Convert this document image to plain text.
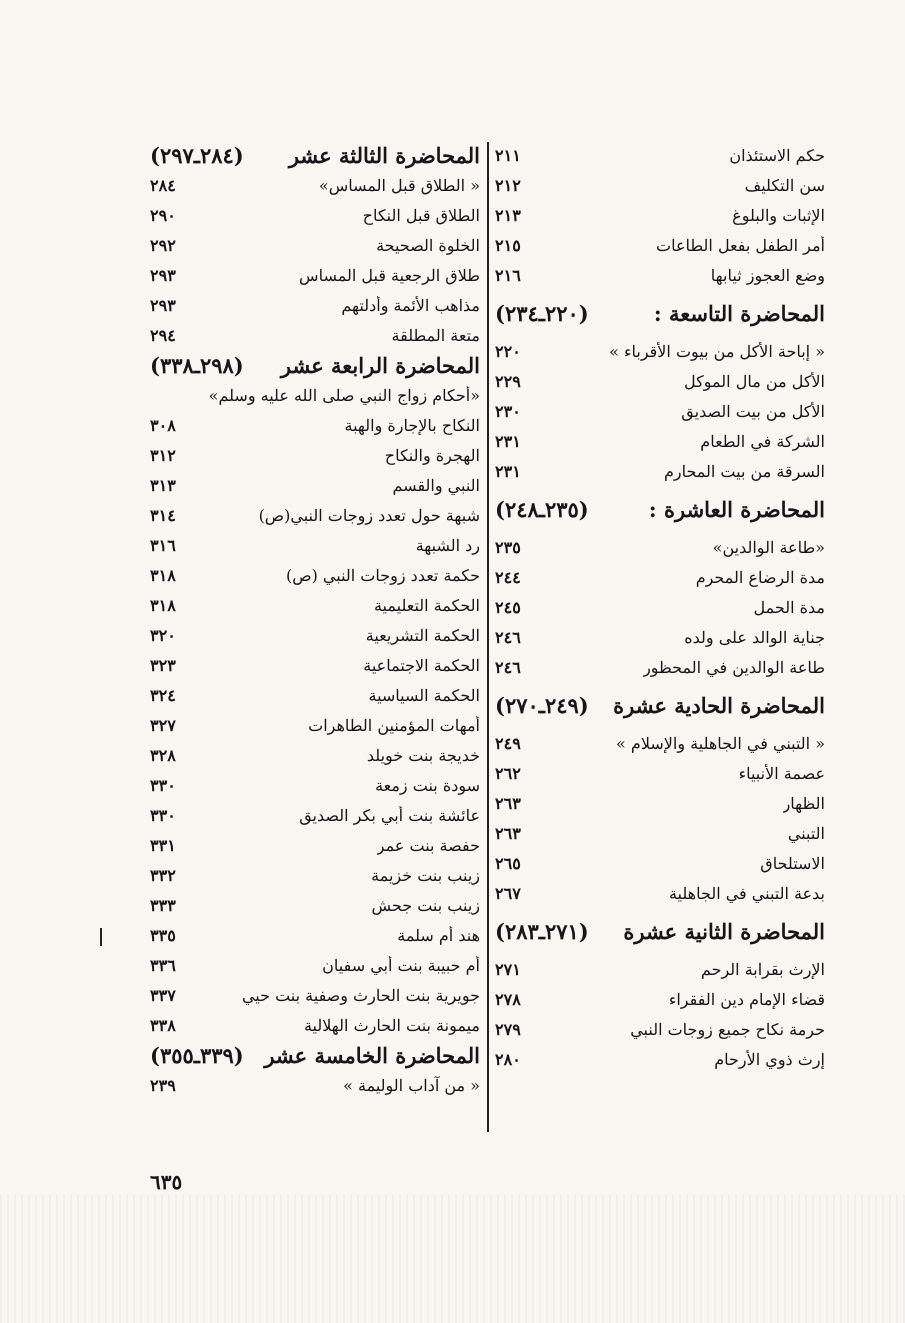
حكم الاستئذان
٢١١
سن التكليف
٢١٢
الإثبات والبلوغ
٢١٣
أمر الطفل بفعل الطاعات
٢١٥
وضع العجوز ثيابها
٢١٦
المحاضرة التاسعة :
(٢٢٠ـ٢٣٤)
« إباحة الأكل من بيوت الأقرباء »
٢٢٠
الأكل من مال الموكل
٢٢٩
الأكل من بيت الصديق
٢٣٠
الشركة في الطعام
٢٣١
السرقة من بيت المحارم
٢٣١
المحاضرة العاشرة :
(٢٣٥ـ٢٤٨)
«طاعة الوالدين»
٢٣٥
مدة الرضاع المحرم
٢٤٤
مدة الحمل
٢٤٥
جناية الوالد على ولده
٢٤٦
طاعة الوالدين في المحظور
٢٤٦
المحاضرة الحادية عشرة
(٢٤٩ـ٢٧٠)
« التبني في الجاهلية والإسلام »
٢٤٩
عصمة الأنبياء
٢٦٢
الظهار
٢٦٣
التبني
٢٦٣
الاستلحاق
٢٦٥
بدعة التبني في الجاهلية
٢٦٧
المحاضرة الثانية عشرة
(٢٧١ـ٢٨٣)
الإرث بقرابة الرحم
٢٧١
قضاء الإمام دين الفقراء
٢٧٨
حرمة نكاح جميع زوجات النبي
٢٧٩
إرث ذوي الأرحام
٢٨٠
المحاضرة الثالثة عشر
(٢٨٤ـ٢٩٧)
« الطلاق قبل المساس»
٢٨٤
الطلاق قبل النكاح
٢٩٠
الخلوة الصحيحة
٢٩٢
طلاق الرجعية قبل المساس
٢٩٣
مذاهب الأئمة وأدلتهم
٢٩٣
متعة المطلقة
٢٩٤
المحاضرة الرابعة عشر
(٢٩٨ـ٣٣٨)
«أحكام زواج النبي صلى الله عليه وسلم»
النكاح بالإجارة والهبة
٣٠٨
الهجرة والنكاح
٣١٢
النبي والقسم
٣١٣
شبهة حول تعدد زوجات النبي(ص)
٣١٤
رد الشبهة
٣١٦
حكمة تعدد زوجات النبي (ص)
٣١٨
الحكمة التعليمية
٣١٨
الحكمة التشريعية
٣٢٠
الحكمة الاجتماعية
٣٢٣
الحكمة السياسية
٣٢٤
أمهات المؤمنين الطاهرات
٣٢٧
خديجة بنت خويلد
٣٢٨
سودة بنت زمعة
٣٣٠
عائشة بنت أبي بكر الصديق
٣٣٠
حفصة بنت عمر
٣٣١
زينب بنت خزيمة
٣٣٢
زينب بنت جحش
٣٣٣
هند أم سلمة
٣٣٥
أم حبيبة بنت أبي سفيان
٣٣٦
جويرية بنت الحارث وصفية بنت حيي
٣٣٧
ميمونة بنت الحارث الهلالية
٣٣٨
المحاضرة الخامسة عشر
(٣٣٩ـ٣٥٥)
« من آداب الوليمة »
٢٣٩
٦٣٥
